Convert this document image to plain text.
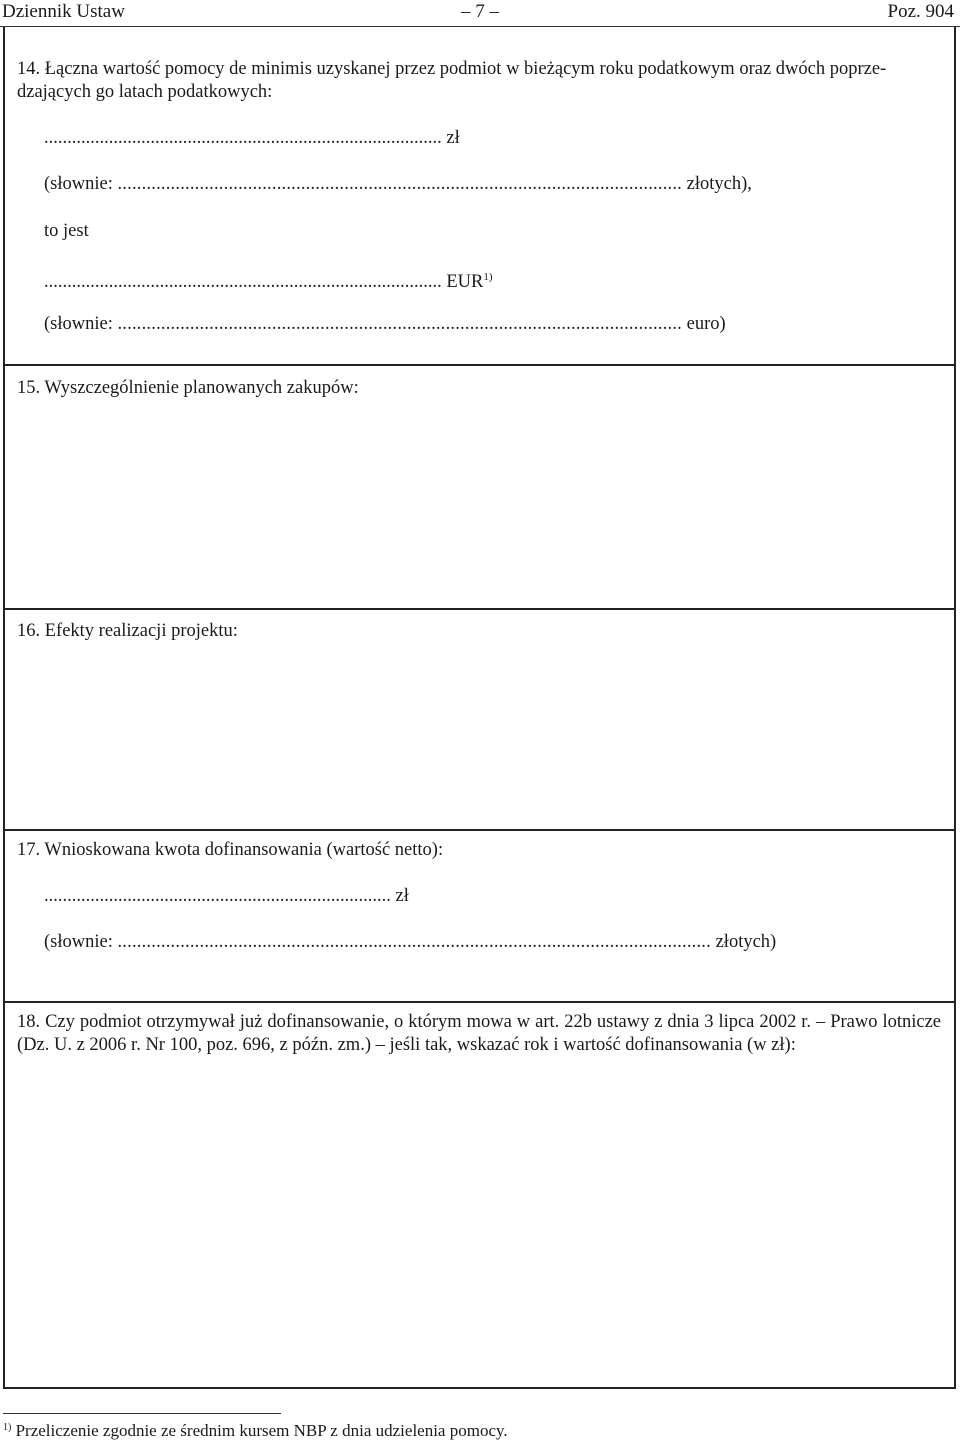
Dziennik Ustaw	– 7 –	Poz. 904
14. Łączna wartość pomocy de minimis uzyskanej przez podmiot w bieżącym roku podatkowym oraz dwóch poprze-dzających go latach podatkowych:
...................................................................................... zł
(słownie: ..................................................................................................................... złotych),
to jest
...................................................................................... EUR$^{1)}$
(słownie: ..................................................................................................................... euro)
15. Wyszczególnienie planowanych zakupów:
16. Efekty realizacji projektu:
17. Wnioskowana kwota dofinansowania (wartość netto):
........................................................................... zł
(słownie: ........................................................................................................................... złotych)
18. Czy podmiot otrzymywał już dofinansowanie, o którym mowa w art. 22b ustawy z dnia 3 lipca 2002 r. – Prawo lotnicze (Dz. U. z 2006 r. Nr 100, poz. 696, z późn. zm.) – jeśli tak, wskazać rok i wartość dofinansowania (w zł):
$^{1)}$ Przeliczenie zgodnie ze średnim kursem NBP z dnia udzielenia pomocy.
